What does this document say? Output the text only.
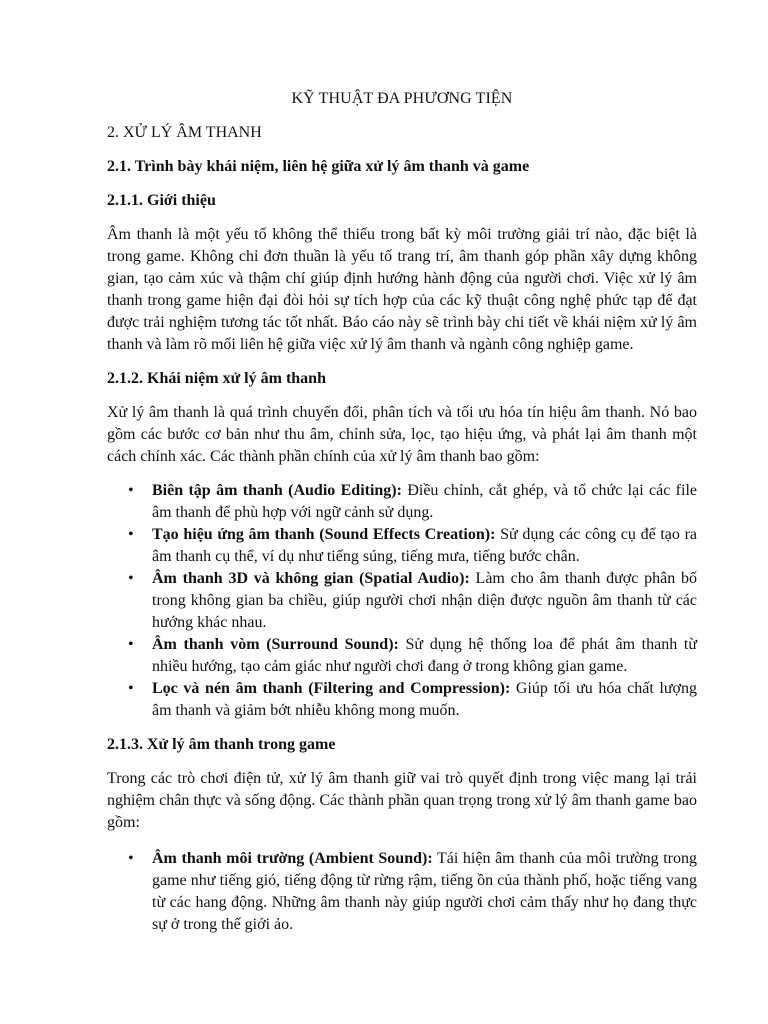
KỸ THUẬT ĐA PHƯƠNG TIỆN
2. XỬ LÝ ÂM THANH
2.1. Trình bày khái niệm, liên hệ giữa xử lý âm thanh và game
2.1.1. Giới thiệu

Âm thanh là một yếu tố không thể thiếu trong bất kỳ môi trường giải trí nào, đặc biệt là trong game. Không chỉ đơn thuần là yếu tố trang trí, âm thanh góp phần xây dựng không gian, tạo cảm xúc và thậm chí giúp định hướng hành động của người chơi. Việc xử lý âm thanh trong game hiện đại đòi hỏi sự tích hợp của các kỹ thuật công nghệ phức tạp để đạt được trải nghiệm tương tác tốt nhất. Báo cáo này sẽ trình bày chi tiết về khái niệm xử lý âm thanh và làm rõ mối liên hệ giữa việc xử lý âm thanh và ngành công nghiệp game.

2.1.2. Khái niệm xử lý âm thanh

Xử lý âm thanh là quá trình chuyển đổi, phân tích và tối ưu hóa tín hiệu âm thanh. Nó bao gồm các bước cơ bản như thu âm, chỉnh sửa, lọc, tạo hiệu ứng, và phát lại âm thanh một cách chính xác. Các thành phần chính của xử lý âm thanh bao gồm:

• Biên tập âm thanh (Audio Editing): Điều chỉnh, cắt ghép, và tổ chức lại các file âm thanh để phù hợp với ngữ cảnh sử dụng.
• Tạo hiệu ứng âm thanh (Sound Effects Creation): Sử dụng các công cụ để tạo ra âm thanh cụ thể, ví dụ như tiếng súng, tiếng mưa, tiếng bước chân.
• Âm thanh 3D và không gian (Spatial Audio): Làm cho âm thanh được phân bố trong không gian ba chiều, giúp người chơi nhận diện được nguồn âm thanh từ các hướng khác nhau.
• Âm thanh vòm (Surround Sound): Sử dụng hệ thống loa để phát âm thanh từ nhiều hướng, tạo cảm giác như người chơi đang ở trong không gian game.
• Lọc và nén âm thanh (Filtering and Compression): Giúp tối ưu hóa chất lượng âm thanh và giảm bớt nhiễu không mong muốn.
2.1.3. Xử lý âm thanh trong game

Trong các trò chơi điện tử, xử lý âm thanh giữ vai trò quyết định trong việc mang lại trải nghiệm chân thực và sống động. Các thành phần quan trọng trong xử lý âm thanh game bao gồm:

• Âm thanh môi trường (Ambient Sound): Tái hiện âm thanh của môi trường trong game như tiếng gió, tiếng động từ rừng rậm, tiếng ồn của thành phố, hoặc tiếng vang từ các hang động. Những âm thanh này giúp người chơi cảm thấy như họ đang thực sự ở trong thế giới ảo.
